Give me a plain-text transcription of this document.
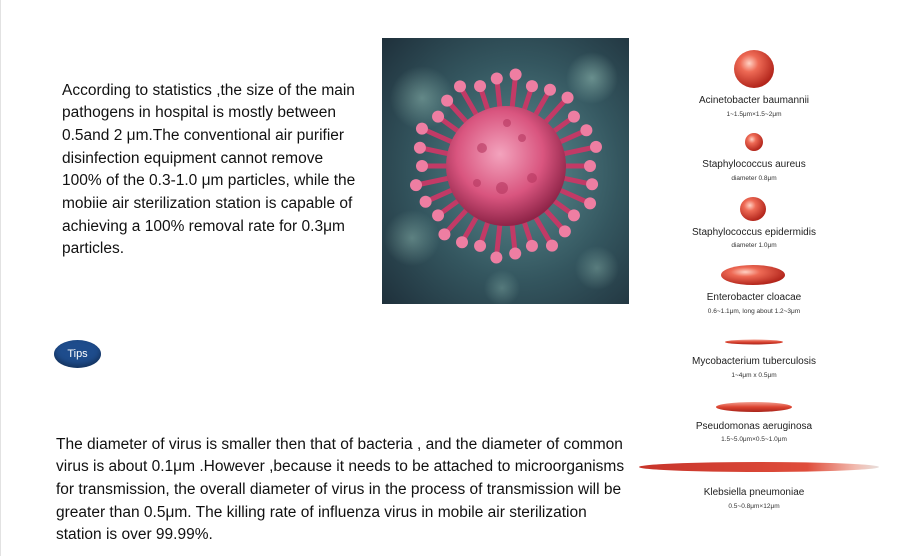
According to statistics ,the size of the main pathogens in hospital is mostly between 0.5and 2 μm.The conventional air purifier disinfection equipment cannot remove 100% of the 0.3-1.0 μm particles, while the mobiie air sterilization station is capable of achieving a 100% removal rate for 0.3μm particles.

Tips

The diameter of virus is smaller then that of bacteria , and the diameter of common virus is about 0.1μm .However ,because it needs to be attached to microorganisms for transmission, the overall diameter of virus in the process of transmission will be greater than 0.5μm. The killing rate of influenza virus in mobile air sterilization station is over 99.99%.

Acinetobacter baumannii
1~1.5μm×1.5~2μm
Staphylococcus aureus
diameter 0.8μm
Staphylococcus epidermidis
diameter 1.0μm
Enterobacter cloacae
0.6~1.1μm, long about 1.2~3μm
Mycobacterium tuberculosis
1~4μm x 0.5μm
Pseudomonas aeruginosa
1.5~5.0μm×0.5~1.0μm
Klebsiella pneumoniae
0.5~0.8μm×12μm
